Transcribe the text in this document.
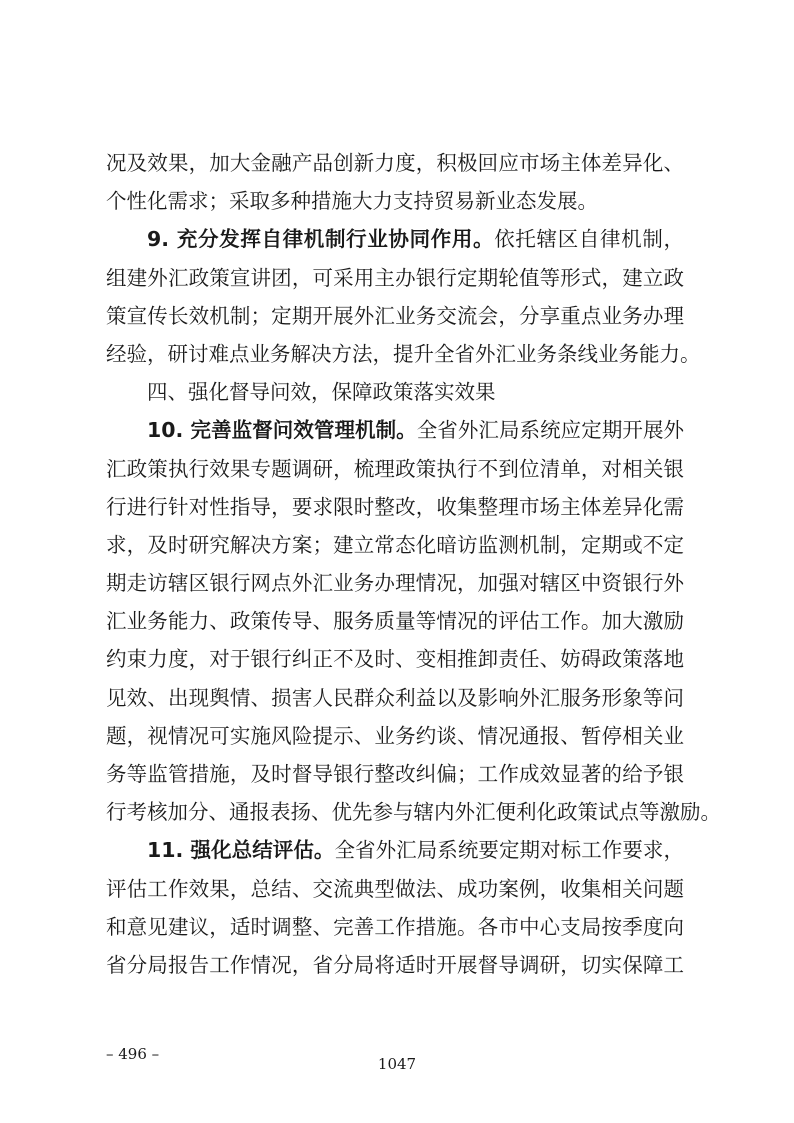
况及效果，加大金融产品创新力度，积极回应市场主体差异化、
个性化需求；采取多种措施大力支持贸易新业态发展。
9. 充分发挥自律机制行业协同作用。依托辖区自律机制，
组建外汇政策宣讲团，可采用主办银行定期轮值等形式，建立政
策宣传长效机制；定期开展外汇业务交流会，分享重点业务办理
经验，研讨难点业务解决方法，提升全省外汇业务条线业务能力。
四、强化督导问效，保障政策落实效果
10. 完善监督问效管理机制。全省外汇局系统应定期开展外
汇政策执行效果专题调研，梳理政策执行不到位清单，对相关银
行进行针对性指导，要求限时整改，收集整理市场主体差异化需
求，及时研究解决方案；建立常态化暗访监测机制，定期或不定
期走访辖区银行网点外汇业务办理情况，加强对辖区中资银行外
汇业务能力、政策传导、服务质量等情况的评估工作。加大激励
约束力度，对于银行纠正不及时、变相推卸责任、妨碍政策落地
见效、出现舆情、损害人民群众利益以及影响外汇服务形象等问
题，视情况可实施风险提示、业务约谈、情况通报、暂停相关业
务等监管措施，及时督导银行整改纠偏；工作成效显著的给予银
行考核加分、通报表扬、优先参与辖内外汇便利化政策试点等激励。
11. 强化总结评估。全省外汇局系统要定期对标工作要求，
评估工作效果，总结、交流典型做法、成功案例，收集相关问题
和意见建议，适时调整、完善工作措施。各市中心支局按季度向
省分局报告工作情况，省分局将适时开展督导调研，切实保障工
– 496 –
1047
